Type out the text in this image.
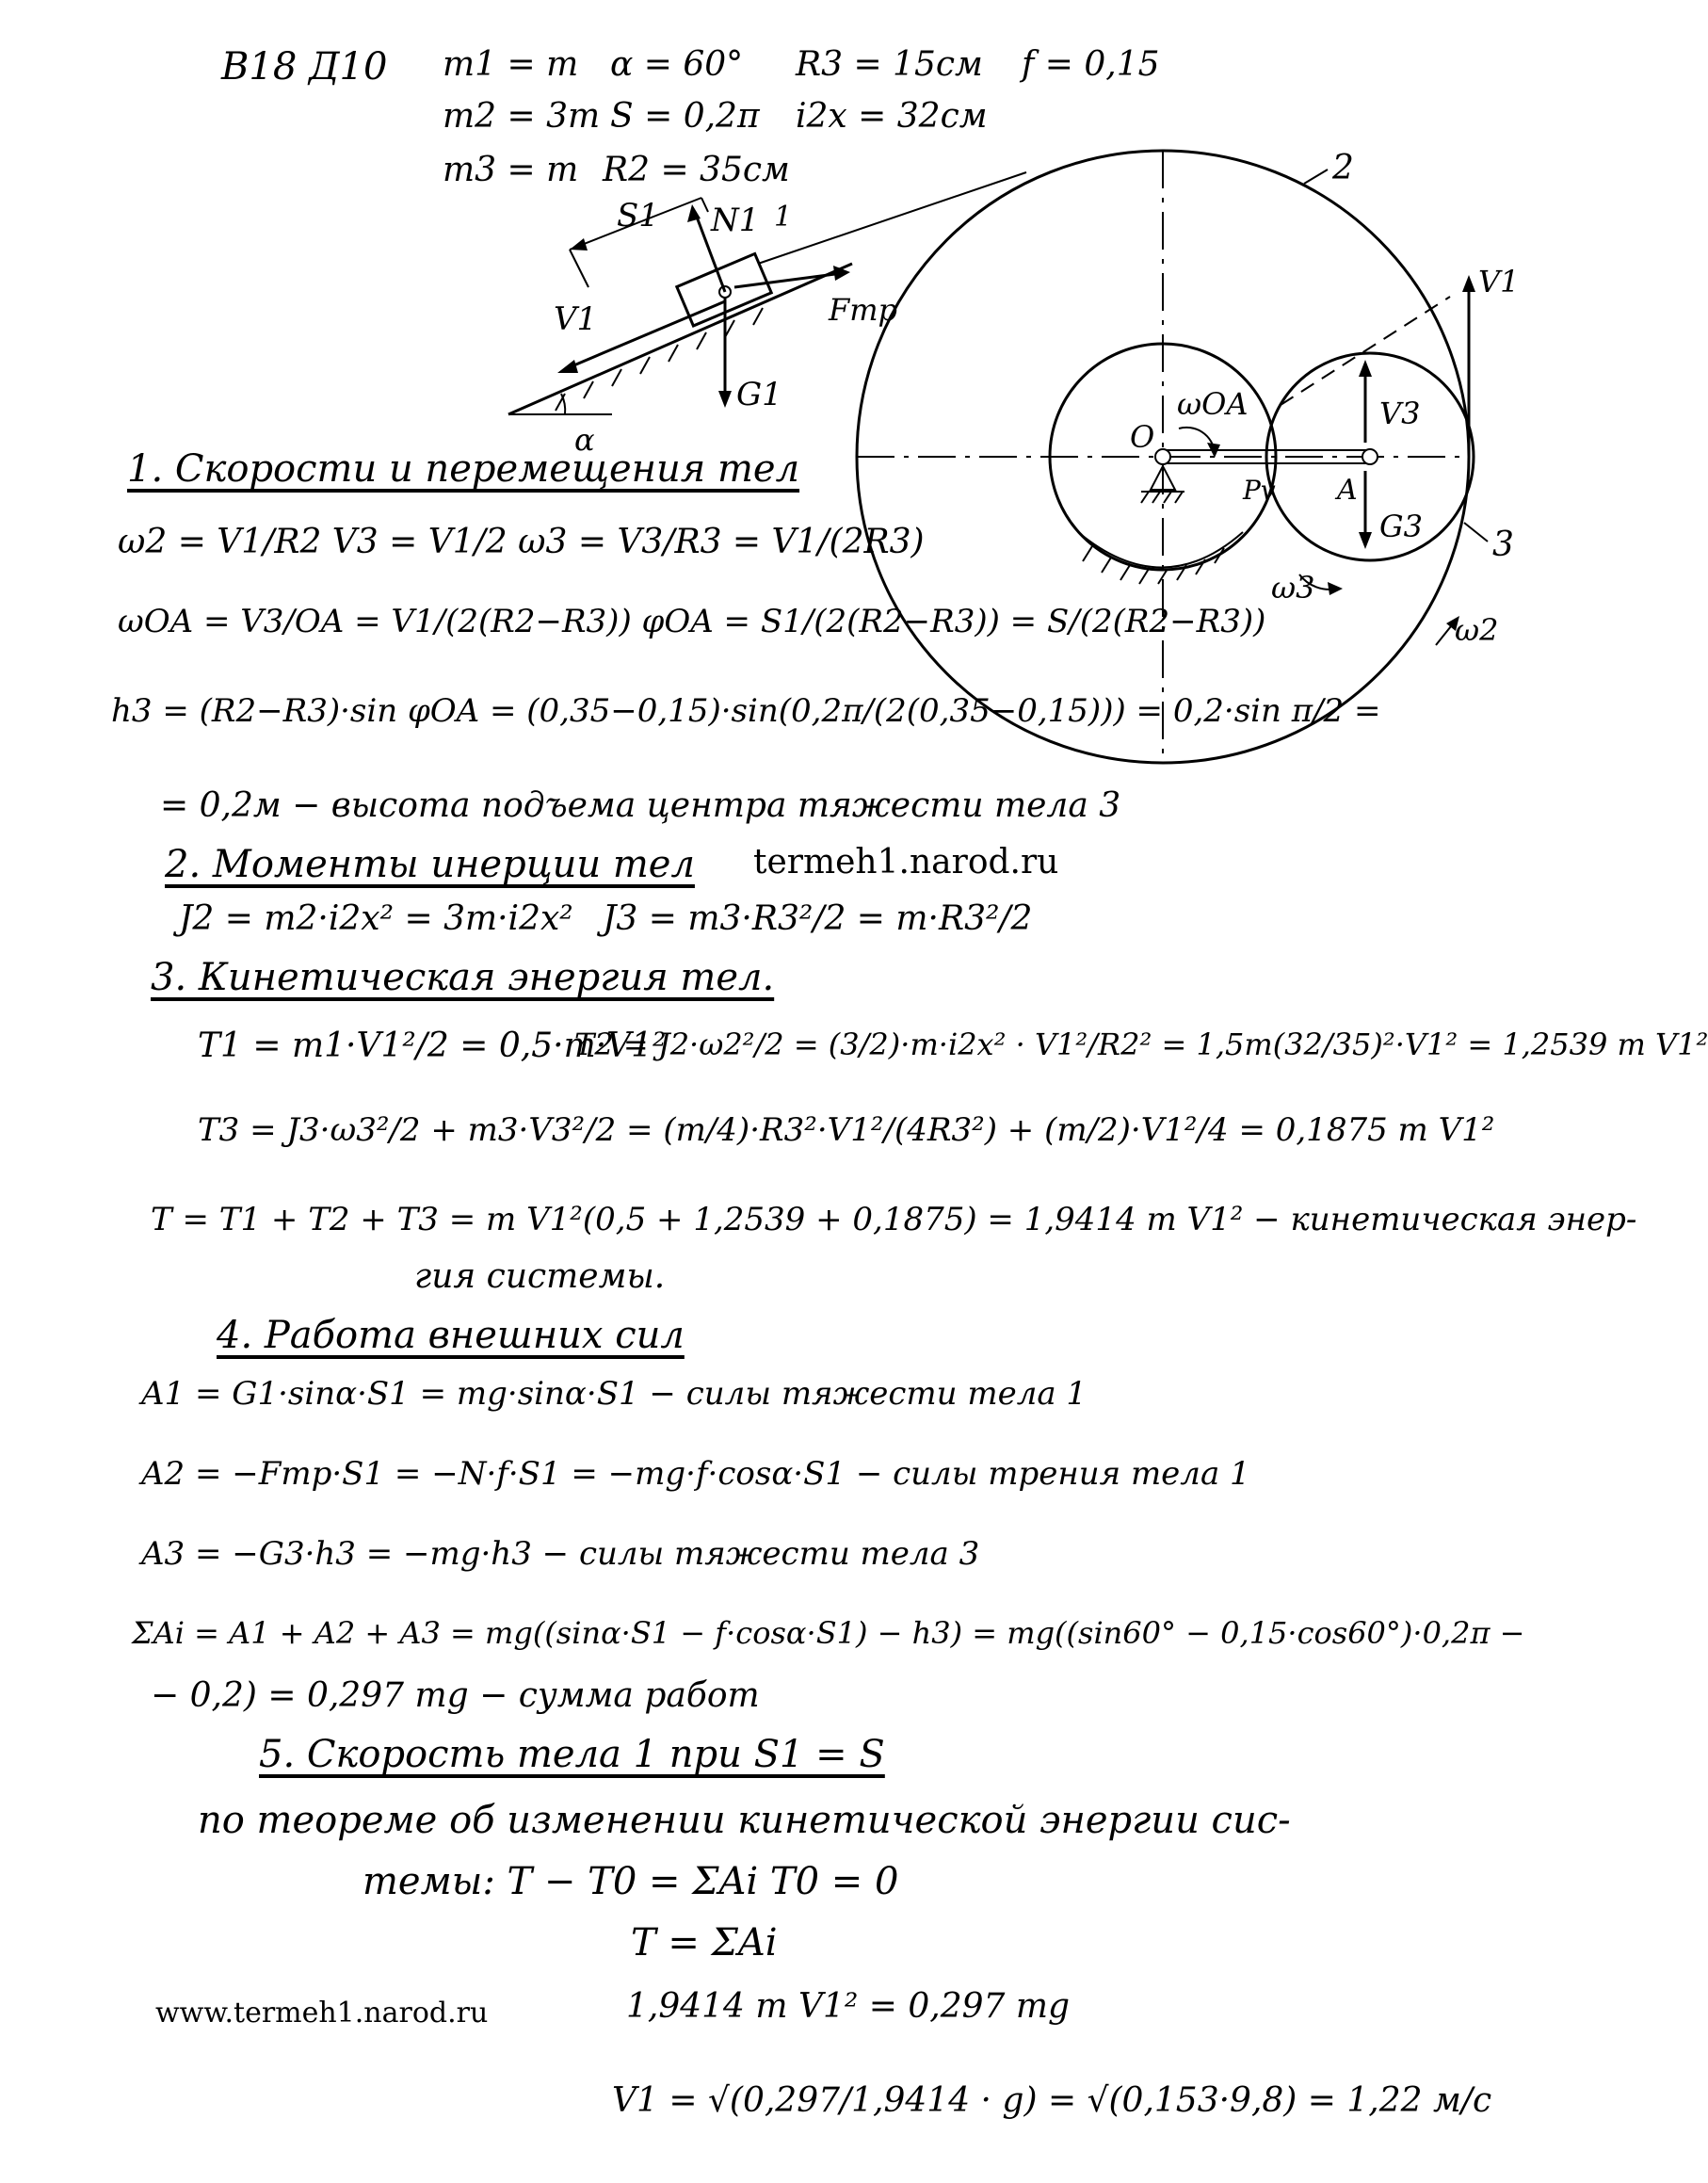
В18 Д10 m1 = m
m2 = 3m
m3 = m
α = 60°
S = 0,2π
R2 = 35см
R3 = 15см
i2x = 32см
f = 0,15
S1 N1 1
V1	Fтр
G1
α	O
ωOA
Pv A
V3
G3
ω3
ω2
2
3
V1
1. Скорости и перемещения тел
ω2 = V1/R2 V3 = V1/2 ω3 = V3/R3 = V1/(2R3)
ωOA = V3/OA = V1/(2(R2−R3)) φOA = S1/(2(R2−R3)) = S/(2(R2−R3))
h3 = (R2−R3)·sin φOA = (0,35−0,15)·sin(0,2π/(2(0,35−0,15))) = 0,2·sin π/2 =
= 0,2м − высота подъема центра тяжести тела 3
2. Моменты инерции тел termeh1.narod.ru
J2 = m2·i2x² = 3m·i2x² J3 = m3·R3²/2 = m·R3²/2
3. Кинетическая энергия тел.
T1 = m1·V1²/2 = 0,5·m·V1²
T2 = J2·ω2²/2 = (3/2)·m·i2x² · V1²/R2² = 1,5m(32/35)²·V1² = 1,2539 m V1²
T3 = J3·ω3²/2 + m3·V3²/2 = (m/4)·R3²·V1²/(4R3²) + (m/2)·V1²/4 = 0,1875 m V1²
T = T1 + T2 + T3 = m V1²(0,5 + 1,2539 + 0,1875) = 1,9414 m V1² − кинетическая энер-
гия системы.
4. Работа внешних сил
A1 = G1·sinα·S1 = mg·sinα·S1 − силы тяжести тела 1
A2 = −Fтр·S1 = −N·f·S1 = −mg·f·cosα·S1 − силы трения тела 1
A3 = −G3·h3 = −mg·h3 − силы тяжести тела 3
ΣAi = A1 + A2 + A3 = mg((sinα·S1 − f·cosα·S1) − h3) = mg((sin60° − 0,15·cos60°)·0,2π −
− 0,2) = 0,297 mg − сумма работ
5. Скорость тела 1 при S1 = S
по теореме об изменении кинетической энергии сис-
темы: T − T0 = ΣAi T0 = 0
T = ΣAi
1,9414 m V1² = 0,297 mg
V1 = √(0,297/1,9414 · g) = √(0,153·9,8) = 1,22 м/с
www.termeh1.narod.ru
